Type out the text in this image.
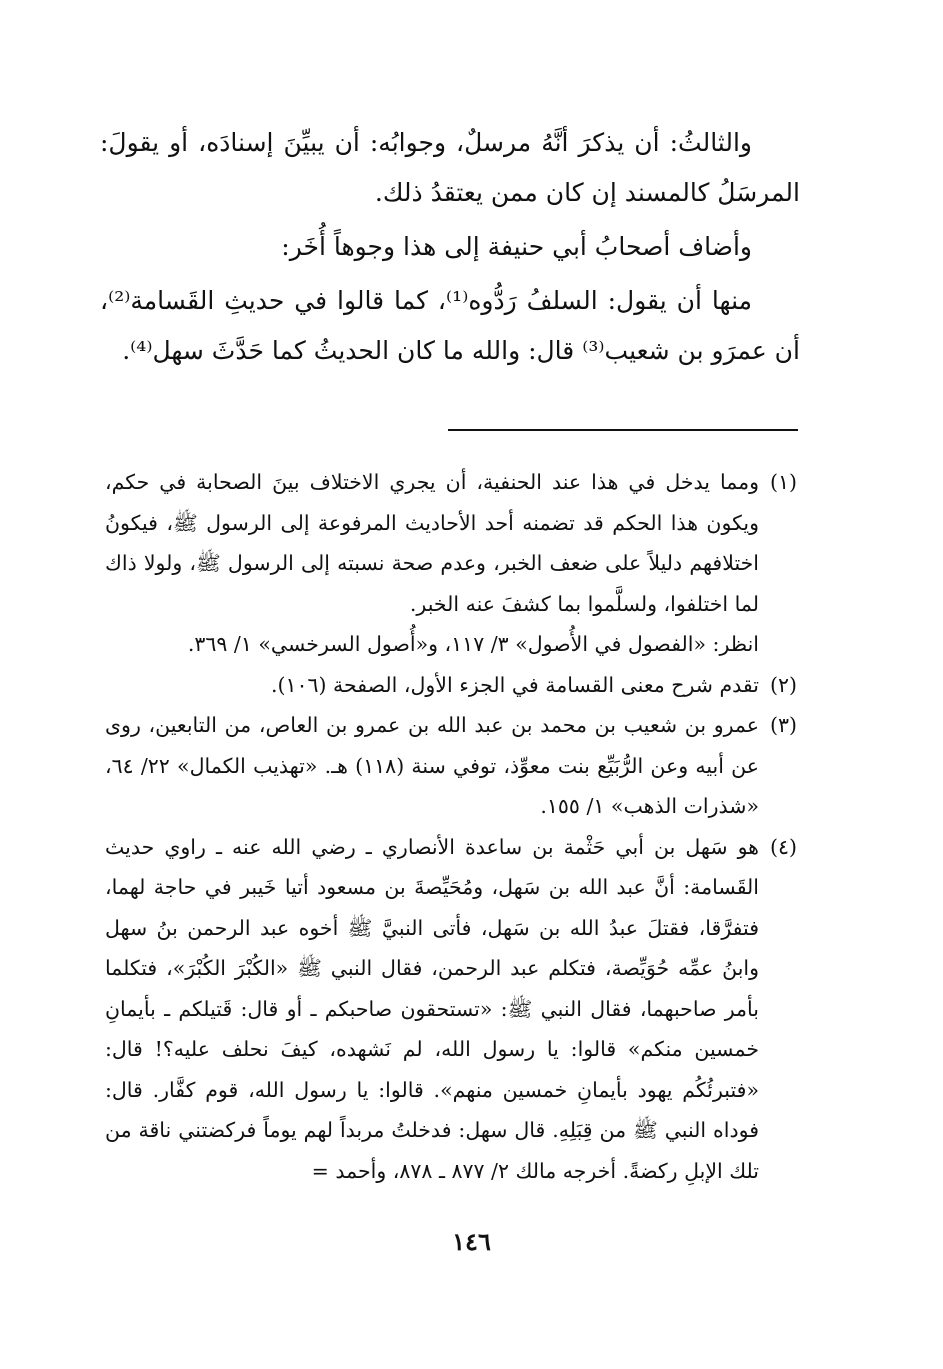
والثالثُ: أن يذكرَ أنَّهُ مرسلٌ، وجوابُه: أن يبيِّنَ إسنادَه، أو يقولَ: المرسَلُ كالمسند إن كان ممن يعتقدُ ذلك.

وأضاف أصحابُ أبي حنيفة إلى هذا وجوهاً أُخَر:

منها أن يقول: السلفُ رَدُّوه⁽¹⁾، كما قالوا في حديثِ القَسامة⁽²⁾، أن عمرَو بن شعيب⁽³⁾ قال: والله ما كان الحديثُ كما حَدَّثَ سهل⁽⁴⁾.

(١)

ومما يدخل في هذا عند الحنفية، أن يجري الاختلاف بينَ الصحابة في حكم، ويكون هذا الحكم قد تضمنه أحد الأحاديث المرفوعة إلى الرسول ﷺ، فيكونُ اختلافهم دليلاً على ضعف الخبر، وعدم صحة نسبته إلى الرسول ﷺ، ولولا ذاك لما اختلفوا، ولسلَّموا بما كشفَ عنه الخبر.

انظر: «الفصول في الأُصول» ٣/ ١١٧، و«أُصول السرخسي» ١/ ٣٦٩.

(٢)

تقدم شرح معنى القسامة في الجزء الأول، الصفحة (١٠٦).

(٣)

عمرو بن شعيب بن محمد بن عبد الله بن عمرو بن العاص، من التابعين، روى عن أبيه وعن الرُّبَيِّع بنت معوِّذ، توفي سنة (١١٨) هـ. «تهذيب الكمال» ٢٢/ ٦٤، «شذرات الذهب» ١/ ١٥٥.

(٤)

هو سَهل بن أبي حَثْمة بن ساعدة الأنصاري ـ رضي الله عنه ـ راوي حديث القَسامة: أنَّ عبد الله بن سَهل، ومُحَيِّصةَ بن مسعود أتيا خَيبر في حاجة لهما، فتفرَّقا، فقتلَ عبدُ الله بن سَهل، فأتى النبيَّ ﷺ أخوه عبد الرحمن بنُ سهل وابنُ عمِّه حُوَيِّصة، فتكلم عبد الرحمن، فقال النبي ﷺ «الكُبْرَ الكُبْرَ»، فتكلما بأمر صاحبهما، فقال النبي ﷺ: «تستحقون صاحبكم ـ أو قال: قَتيلكم ـ بأيمانِ خمسين منكم» قالوا: يا رسول الله، لم نَشهده، كيفَ نحلف عليه؟! قال: «فتبرئُكُم يهود بأيمانِ خمسين منهم». قالوا: يا رسول الله، قوم كفَّار. قال: فوداه النبي ﷺ من قِبَلِهِ. قال سهل: فدخلتُ مربداً لهم يوماً فركضتني ناقة من تلك الإبلِ ركضةً. أخرجه مالك ٢/ ٨٧٧ ـ ٨٧٨، وأحمد =

١٤٦
